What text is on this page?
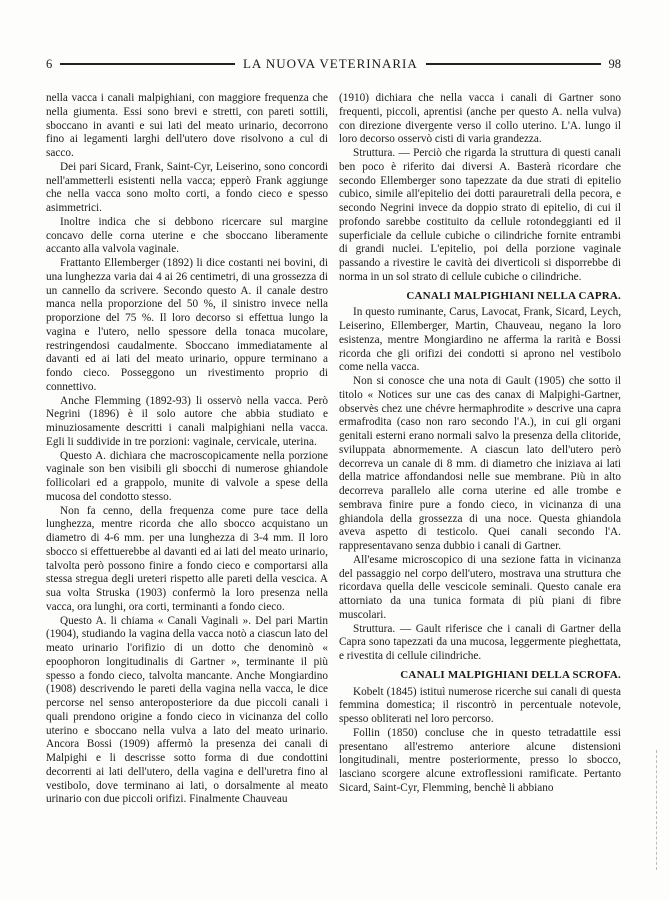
6	LA NUOVA VETERINARIA	98

nella vacca i canali malpighiani, con maggiore frequenza che nella giumenta. Essi sono brevi e stretti, con pareti sottili, sboccano in avanti e sui lati del meato urinario, decorrono fino ai legamenti larghi dell'utero dove risolvono a cul di sacco.

Dei pari Sicard, Frank, Saint-Cyr, Leiserino, sono concordi nell'ammetterli esistenti nella vacca; epperò Frank aggiunge che nella vacca sono molto corti, a fondo cieco e spesso asimmetrici.

Inoltre indica che si debbono ricercare sul margine concavo delle corna uterine e che sboccano liberamente accanto alla valvola vaginale.

Frattanto Ellemberger (1892) li dice costanti nei bovini, di una lunghezza varia dai 4 ai 26 centimetri, di una grossezza di un cannello da scrivere. Secondo questo A. il canale destro manca nella proporzione del 50 %, il sinistro invece nella proporzione del 75 %. Il loro decorso si effettua lungo la vagina e l'utero, nello spessore della tonaca mucolare, restringendosi caudalmente. Sboccano immediatamente al davanti ed ai lati del meato urinario, oppure terminano a fondo cieco. Posseggono un rivestimento proprio di connettivo.

Anche Flemming (1892-93) li osservò nella vacca. Però Negrini (1896) è il solo autore che abbia studiato e minuziosamente descritti i canali malpighiani nella vacca. Egli li suddivide in tre porzioni: vaginale, cervicale, uterina.

Questo A. dichiara che macroscopicamente nella porzione vaginale son ben visibili gli sbocchi di numerose ghiandole follicolari ed a grappolo, munite di valvole a spese della mucosa del condotto stesso.

Non fa cenno, della frequenza come pure tace della lunghezza, mentre ricorda che allo sbocco acquistano un diametro di 4-6 mm. per una lunghezza di 3-4 mm. Il loro sbocco si effettuerebbe al davanti ed ai lati del meato urinario, talvolta però possono finire a fondo cieco e comportarsi alla stessa stregua degli ureteri rispetto alle pareti della vescica. A sua volta Struska (1903) confermò la loro presenza nella vacca, ora lunghi, ora corti, terminanti a fondo cieco.

Questo A. li chiama « Canali Vaginali ». Del pari Martin (1904), studiando la vagina della vacca notò a ciascun lato del meato urinario l'orifizio di un dotto che denominò « epoophoron longitudinalis di Gartner », terminante il più spesso a fondo cieco, talvolta mancante. Anche Mongiardino (1908) descrivendo le pareti della vagina nella vacca, le dice percorse nel senso anteroposteriore da due piccoli canali i quali prendono origine a fondo cieco in vicinanza del collo uterino e sboccano nella vulva a lato del meato urinario. Ancora Bossi (1909) affermò la presenza dei canali di Malpighi e li descrisse sotto forma di due condottini decorrenti ai lati dell'utero, della vagina e dell'uretra fino al vestibolo, dove terminano ai lati, o dorsalmente al meato urinario con due piccoli orifizi. Finalmente Chauveau

(1910) dichiara che nella vacca i canali di Gartner sono frequenti, piccoli, aprentisi (anche per questo A. nella vulva) con direzione divergente verso il collo uterino. L'A. lungo il loro decorso osservò cisti di varia grandezza.

Struttura. — Perciò che rigarda la struttura di questi canali ben poco è riferito dai diversi A. Basterà ricordare che secondo Ellemberger sono tapezzate da due strati di epitelio cubico, simile all'epitelio dei dotti parauretrali della pecora, e secondo Negrini invece da doppio strato di epitelio, di cui il profondo sarebbe costituito da cellule rotondeggianti ed il superficiale da cellule cubiche o cilindriche fornite entrambi di grandi nuclei. L'epitelio, poi della porzione vaginale passando a rivestire le cavità dei diverticoli si disporrebbe di norma in un sol strato di cellule cubiche o cilindriche.

CANALI MALPIGHIANI NELLA CAPRA.

In questo ruminante, Carus, Lavocat, Frank, Sicard, Leych, Leiserino, Ellemberger, Martin, Chauveau, negano la loro esistenza, mentre Mongiardino ne afferma la rarità e Bossi ricorda che gli orifizi dei condotti si aprono nel vestibolo come nella vacca.

Non si conosce che una nota di Gault (1905) che sotto il titolo « Notices sur une cas des canax di Malpighi-Gartner, observès chez une chévre hermaphrodite » descrive una capra ermafrodita (caso non raro secondo l'A.), in cui gli organi genitali esterni erano normali salvo la presenza della clitoride, sviluppata abnormemente. A ciascun lato dell'utero però decorreva un canale di 8 mm. di diametro che iniziava ai lati della matrice affondandosi nelle sue membrane. Più in alto decorreva parallelo alle corna uterine ed alle trombe e sembrava finire pure a fondo cieco, in vicinanza di una ghiandola della grossezza di una noce. Questa ghiandola aveva aspetto di testicolo. Quei canali secondo l'A. rappresentavano senza dubbio i canali di Gartner.

All'esame microscopico di una sezione fatta in vicinanza del passaggio nel corpo dell'utero, mostrava una struttura che ricordava quella delle vescicole seminali. Questo canale era attorniato da una tunica formata di più piani di fibre muscolari.

Struttura. — Gault riferisce che i canali di Gartner della Capra sono tapezzati da una mucosa, leggermente pieghettata, e rivestita di cellule cilindriche.

CANALI MALPIGHIANI DELLA SCROFA.

Kobelt (1845) istituì numerose ricerche sui canali di questa femmina domestica; il riscontrò in percentuale notevole, spesso obliterati nel loro percorso.

Follin (1850) concluse che in questo tetradattile essi presentano all'estremo anteriore alcune distensioni longitudinali, mentre posteriormente, presso lo sbocco, lasciano scorgere alcune extroflessioni ramificate. Pertanto Sicard, Saint-Cyr, Flemming, benchè li abbiano
